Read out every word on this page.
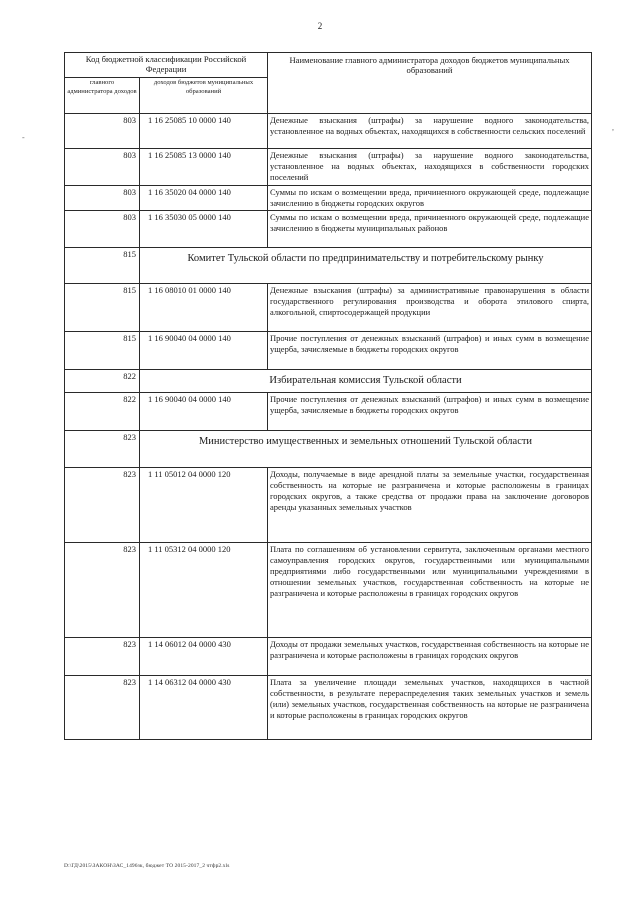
2
Код бюджетной классификации Российской Федерации		Наименование главного администратора доходов бюджетов муниципальных образований
главного администратора доходов	доходов бюджетов муниципальных образований	
803	1 16 25085 10 0000 140	Денежные взыскания (штрафы) за нарушение водного законодательства, установленное на водных объектах, находящихся в собственности сельских поселений
803	1 16 25085 13 0000 140	Денежные взыскания (штрафы) за нарушение водного законодательства, установленное на водных объектах, находящихся в собственности городских поселений
803	1 16 35020 04 0000 140	Суммы по искам о возмещении вреда, причиненного окружающей среде, подлежащие зачислению в бюджеты городских округов
803	1 16 35030 05 0000 140	Суммы по искам о возмещении вреда, причиненного окружающей среде, подлежащие зачислению в бюджеты муниципальных районов
815	Комитет Тульской области по предпринимательству и потребительскому рынку	
815	1 16 08010 01 0000 140	Денежные взыскания (штрафы) за административные правонарушения в области государственного регулирования производства и оборота этилового спирта, алкогольной, спиртосодержащей продукции
815	1 16 90040 04 0000 140	Прочие поступления от денежных взысканий (штрафов) и иных сумм в возмещение ущерба, зачисляемые в бюджеты городских округов
822	Избирательная комиссия Тульской области	
822	1 16 90040 04 0000 140	Прочие поступления от денежных взысканий (штрафов) и иных сумм в возмещение ущерба, зачисляемые в бюджеты городских округов
823	Министерство имущественных и земельных отношений Тульской области	
823	1 11 05012 04 0000 120	Доходы, получаемые в виде арендной платы за земельные участки, государственная собственность на которые не разграничена и которые расположены в границах городских округов, а также средства от продажи права на заключение договоров аренды указанных земельных участков
823	1 11 05312 04 0000 120	Плата по соглашениям об установлении сервитута, заключенным органами местного самоуправления городских округов, государственными или муниципальными предприятиями либо государственными или муниципальными учреждениями в отношении земельных участков, государственная собственность на которые не разграничена и которые расположены в границах городских округов
823	1 14 06012 04 0000 430	Доходы от продажи земельных участков, государственная собственность на которые не разграничена и которые расположены в границах городских округов
823	1 14 06312 04 0000 430	Плата за увеличение площади земельных участков, находящихся в частной собственности, в результате перераспределения таких земельных участков и земель (или) земельных участков, государственная собственность на которые не разграничена и которые расположены в границах городских округов
-
,
D:\ГД\2015\ЗАКОН\ЗАС_1496зк, бюджет ТО 2015-2017_2 чтфр2.xls
